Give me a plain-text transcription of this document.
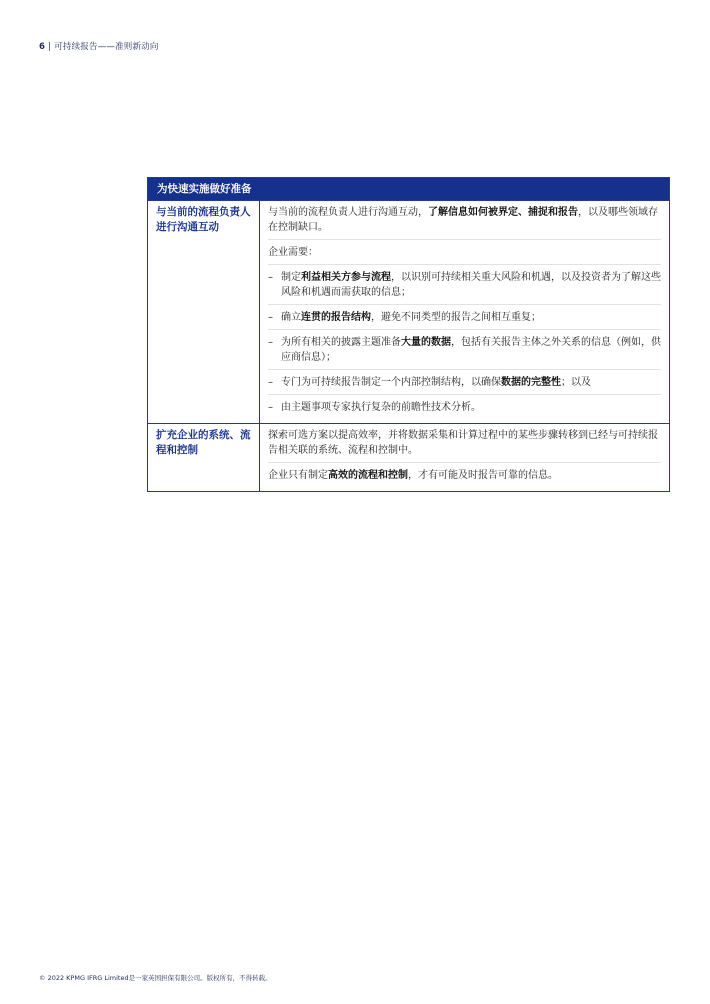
6 | 可持续报告——准则新动向
为快速实施做好准备
与当前的流程负责人进行沟通互动
与当前的流程负责人进行沟通互动，了解信息如何被界定、捕捉和报告，以及哪些领域存在控制缺口。
企业需要：
– 制定利益相关方参与流程，以识别可持续相关重大风险和机遇，以及投资者为了解这些风险和机遇而需获取的信息；
– 确立连贯的报告结构，避免不同类型的报告之间相互重复；
– 为所有相关的披露主题准备大量的数据，包括有关报告主体之外关系的信息（例如，供应商信息）；
– 专门为可持续报告制定一个内部控制结构，以确保数据的完整性；以及
– 由主题事项专家执行复杂的前瞻性技术分析。
扩充企业的系统、流程和控制
探索可选方案以提高效率，并将数据采集和计算过程中的某些步骤转移到已经与可持续报告相关联的系统、流程和控制中。
企业只有制定高效的流程和控制，才有可能及时报告可靠的信息。
© 2022 KPMG IFRG Limited是一家英国担保有限公司。版权所有，不得转载。
